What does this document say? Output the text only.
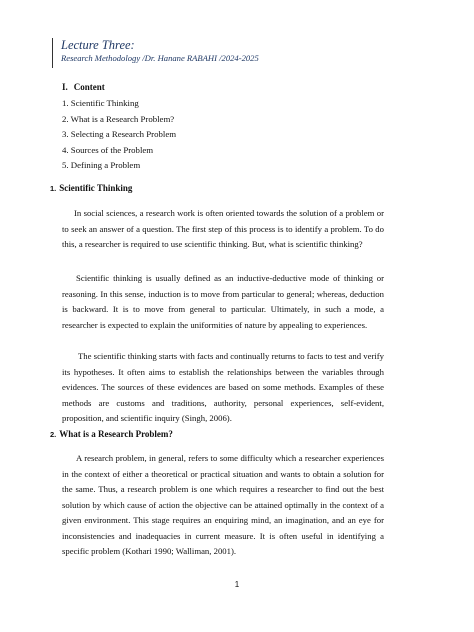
Lecture Three:
Research Methodology /Dr. Hanane RABAHI /2024-2025
I. Content
1. Scientific Thinking
2. What is a Research Problem?
3. Selecting a Research Problem
4. Sources of the Problem
5. Defining a Problem
1. Scientific Thinking

In social sciences, a research work is often oriented towards the solution of a problem or to seek an answer of a question. The first step of this process is to identify a problem. To do this, a researcher is required to use scientific thinking. But, what is scientific thinking?

Scientific thinking is usually defined as an inductive-deductive mode of thinking or reasoning. In this sense, induction is to move from particular to general; whereas, deduction is backward. It is to move from general to particular. Ultimately, in such a mode, a researcher is expected to explain the uniformities of nature by appealing to experiences.

The scientific thinking starts with facts and continually returns to facts to test and verify its hypotheses. It often aims to establish the relationships between the variables through evidences. The sources of these evidences are based on some methods. Examples of these methods are customs and traditions, authority, personal experiences, self-evident, proposition, and scientific inquiry (Singh, 2006).

2. What is a Research Problem?

A research problem, in general, refers to some difficulty which a researcher experiences in the context of either a theoretical or practical situation and wants to obtain a solution for the same. Thus, a research problem is one which requires a researcher to find out the best solution by which cause of action the objective can be attained optimally in the context of a given environment. This stage requires an enquiring mind, an imagination, and an eye for inconsistencies and inadequacies in current measure. It is often useful in identifying a specific problem (Kothari 1990; Walliman, 2001).

1
